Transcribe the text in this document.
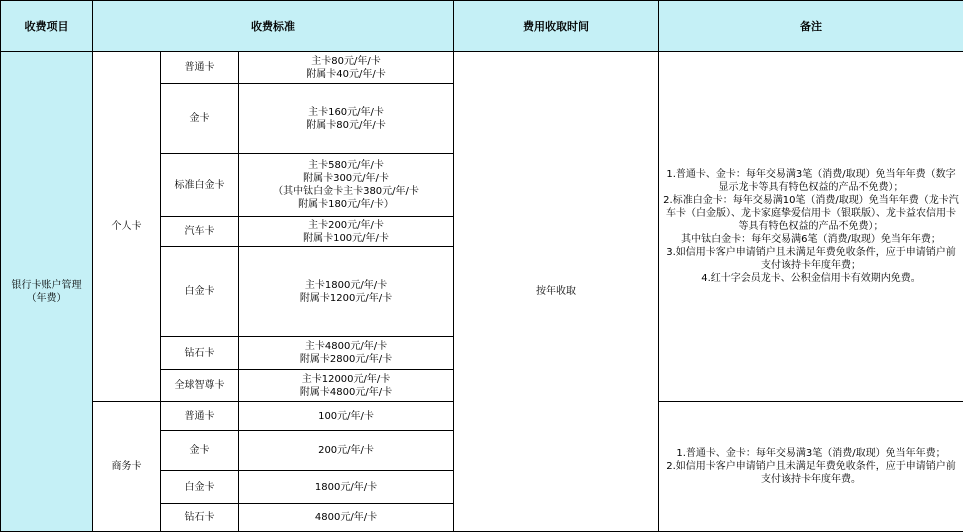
收费项目	收费标准			费用收取时间	备注

银行卡账户管理
（年费）	个人卡	普通卡	主卡80元/年/卡
附属卡40元/年/卡	按年收取	1.普通卡、金卡：每年交易满3笔（消费/取现）免当年年费（数字显示龙卡等具有特色权益的产品不免费）；
2.标准白金卡：每年交易满10笔（消费/取现）免当年年费（龙卡汽车卡（白金版）、龙卡家庭挚爱信用卡（银联版）、龙卡益农信用卡等具有特色权益的产品不免费）；
其中钛白金卡：每年交易满6笔（消费/取现）免当年年费；
3.如信用卡客户申请销户且未满足年费免收条件，应于申请销户前支付该持卡年度年费；
4.红十字会员龙卡、公积金信用卡有效期内免费。

		金卡	主卡160元/年/卡
附属卡80元/年/卡		

		标准白金卡	主卡580元/年/卡
附属卡300元/年/卡
（其中钛白金卡主卡380元/年/卡
附属卡180元/年/卡）		

		汽车卡	主卡200元/年/卡
附属卡100元/年/卡		

		白金卡	主卡1800元/年/卡
附属卡1200元/年/卡		

		钻石卡	主卡4800元/年/卡
附属卡2800元/年/卡		

		全球智尊卡	主卡12000元/年/卡
附属卡4800元/年/卡		

	商务卡	普通卡	100元/年/卡		1.普通卡、金卡：每年交易满3笔（消费/取现）免当年年费；
2.如信用卡客户申请销户且未满足年费免收条件，应于申请销户前支付该持卡年度年费。

		金卡	200元/年/卡		

		白金卡	1800元/年/卡		

		钻石卡	4800元/年/卡		
